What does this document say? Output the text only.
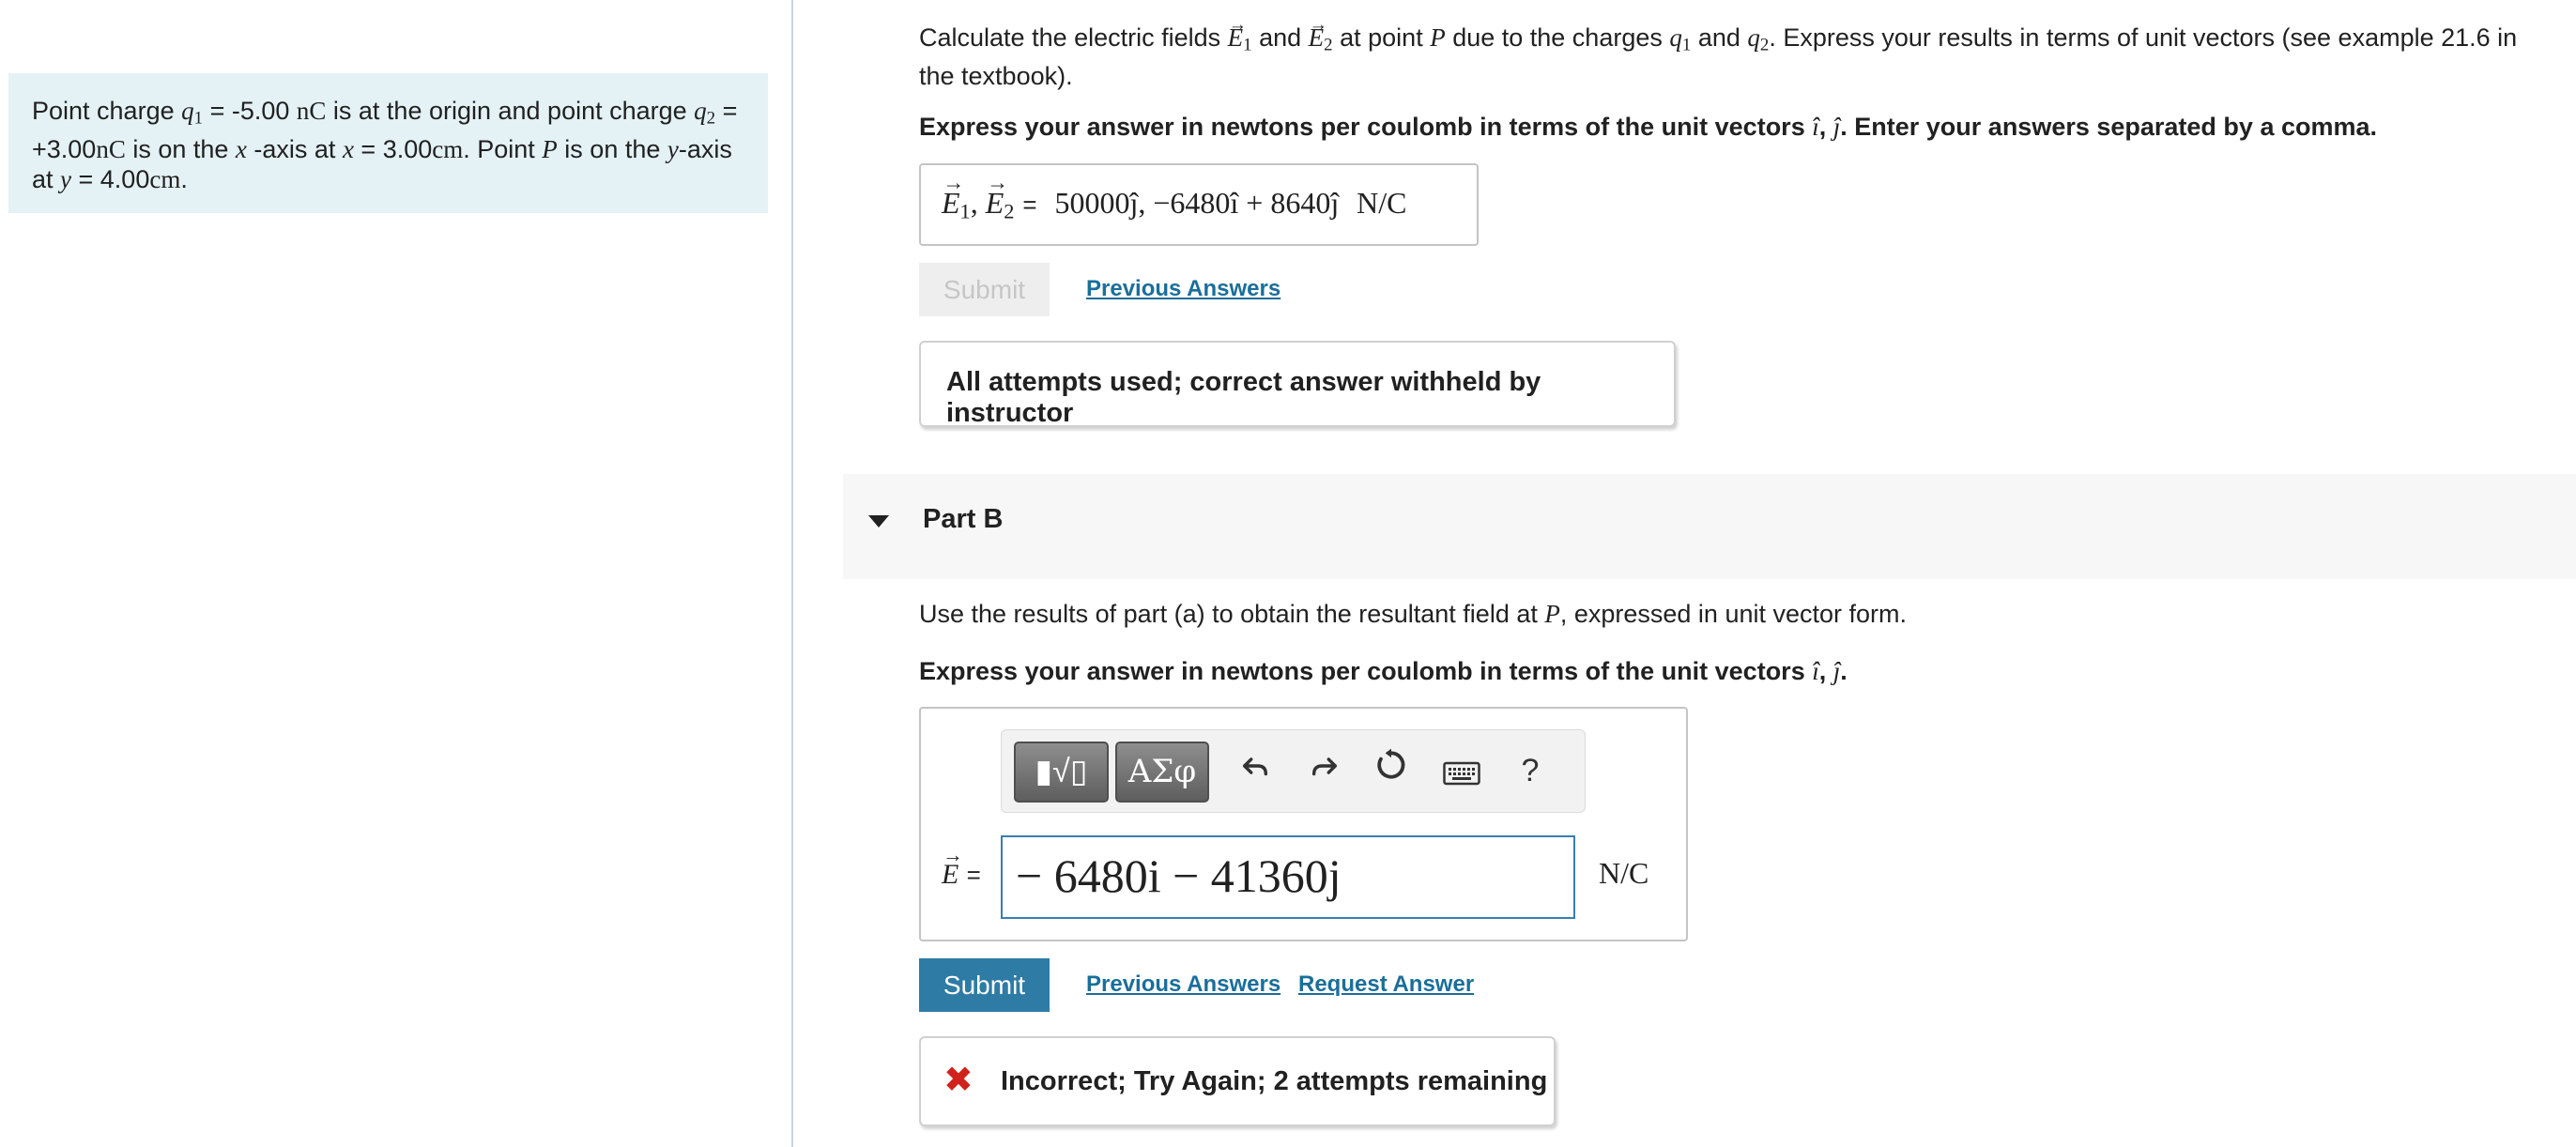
Point charge $q_1 = -5.00$ nC is at the origin and point charge $q_2 = +3.00nC$ is on the x -axis at x = 3.00cm. Point P is on the y-axis at y = 4.00cm.
Calculate the electric fields → $E_1$ and → $E_2$ at point P due to the charges $q_1$ and $q_2$. Express your results in terms of unit vectors (see example 21.6 in the textbook).
Express your answer in newtons per coulomb in terms of the unit vectors î, ĵ. Enter your answers separated by a comma.
→ $E_1$, → $E_2$ = 50000ĵ, −6480î + 8640ĵ N/C
Submit	Previous Answers
All attempts used; correct answer withheld by instructor
Part B
Use the results of part (a) to obtain the resultant field at P, expressed in unit vector form.
Express your answer in newtons per coulomb in terms of the unit vectors î, ĵ.
▮√▯	ΑΣφ	?
→ E = − 6480i − 41360j	N/C
Submit	Previous Answers Request Answer
✖ Incorrect; Try Again; 2 attempts remaining
